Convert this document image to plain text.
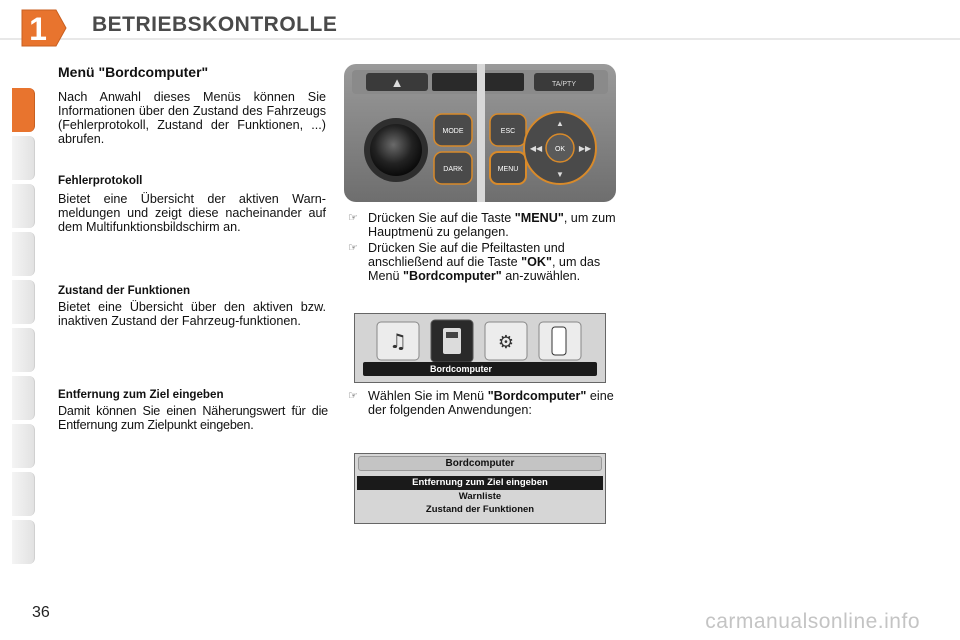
1 BETRIEBSKONTROLLE
Menü "Bordcomputer"

Nach Anwahl dieses Menüs können Sie Informationen über den Zustand des Fahrzeugs (Fehlerprotokoll, Zustand der Funktionen, ...) abrufen.

Fehlerprotokoll

Bietet eine Übersicht der aktiven Warn-meldungen und zeigt diese nacheinander auf dem Multifunktionsbildschirm an.

Zustand der Funktionen

Bietet eine Übersicht über den aktiven bzw. inaktiven Zustand der Fahrzeug-funktionen.

Entfernung zum Ziel eingeben

Damit können Sie einen Näherungswert für die Entfernung zum Zielpunkt eingeben.

▲	TA/PTY
MODE
DARK
ESC
MENU
OK
▲
▼
◀◀	▶▶
☞ Drücken Sie auf die Taste "MENU", um zum Hauptmenü zu gelangen.
☞ Drücken Sie auf die Pfeiltasten und anschließend auf die Taste "OK", um das Menü "Bordcomputer" an-zuwählen.
♫	⚙
Bordcomputer
☞ Wählen Sie im Menü "Bordcomputer" eine der folgenden Anwendungen:
Bordcomputer
Entfernung zum Ziel eingeben
Warnliste
Zustand der Funktionen
36	carmanualsonline.info
